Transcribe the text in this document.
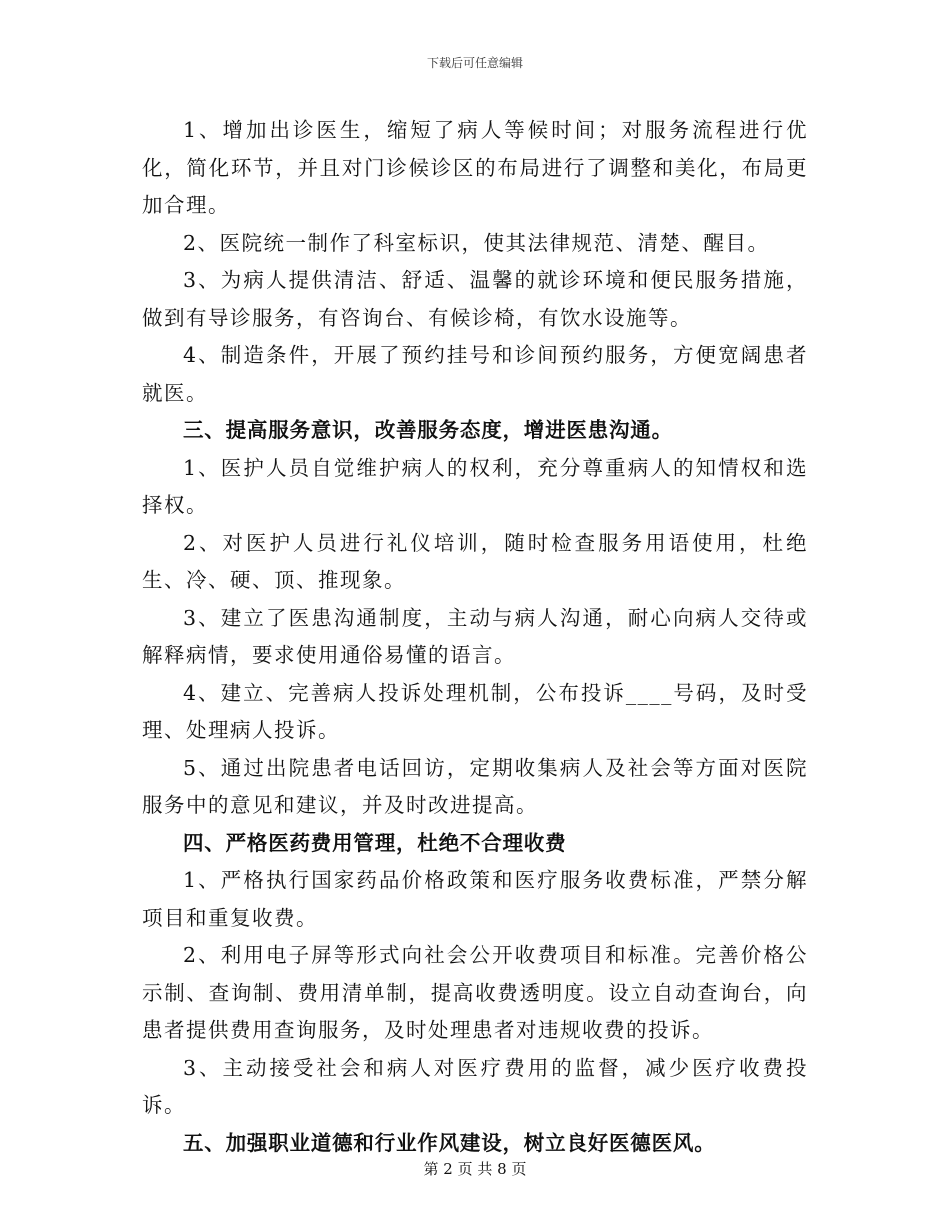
下载后可任意编辑

1、增加出诊医生，缩短了病人等候时间；对服务流程进行优化，简化环节，并且对门诊候诊区的布局进行了调整和美化，布局更加合理。

2、医院统一制作了科室标识，使其法律规范、清楚、醒目。

3、为病人提供清洁、舒适、温馨的就诊环境和便民服务措施，做到有导诊服务，有咨询台、有候诊椅，有饮水设施等。

4、制造条件，开展了预约挂号和诊间预约服务，方便宽阔患者就医。

三、提高服务意识，改善服务态度，增进医患沟通。

1、医护人员自觉维护病人的权利，充分尊重病人的知情权和选择权。

2、对医护人员进行礼仪培训，随时检查服务用语使用，杜绝生、冷、硬、顶、推现象。

3、建立了医患沟通制度，主动与病人沟通，耐心向病人交待或解释病情，要求使用通俗易懂的语言。

4、建立、完善病人投诉处理机制，公布投诉____号码，及时受理、处理病人投诉。

5、通过出院患者电话回访，定期收集病人及社会等方面对医院服务中的意见和建议，并及时改进提高。

四、严格医药费用管理，杜绝不合理收费

1、严格执行国家药品价格政策和医疗服务收费标准，严禁分解项目和重复收费。

2、利用电子屏等形式向社会公开收费项目和标准。完善价格公示制、查询制、费用清单制，提高收费透明度。设立自动查询台，向患者提供费用查询服务，及时处理患者对违规收费的投诉。

3、主动接受社会和病人对医疗费用的监督，减少医疗收费投诉。

五、加强职业道德和行业作风建设，树立良好医德医风。

第 2 页 共 8 页
